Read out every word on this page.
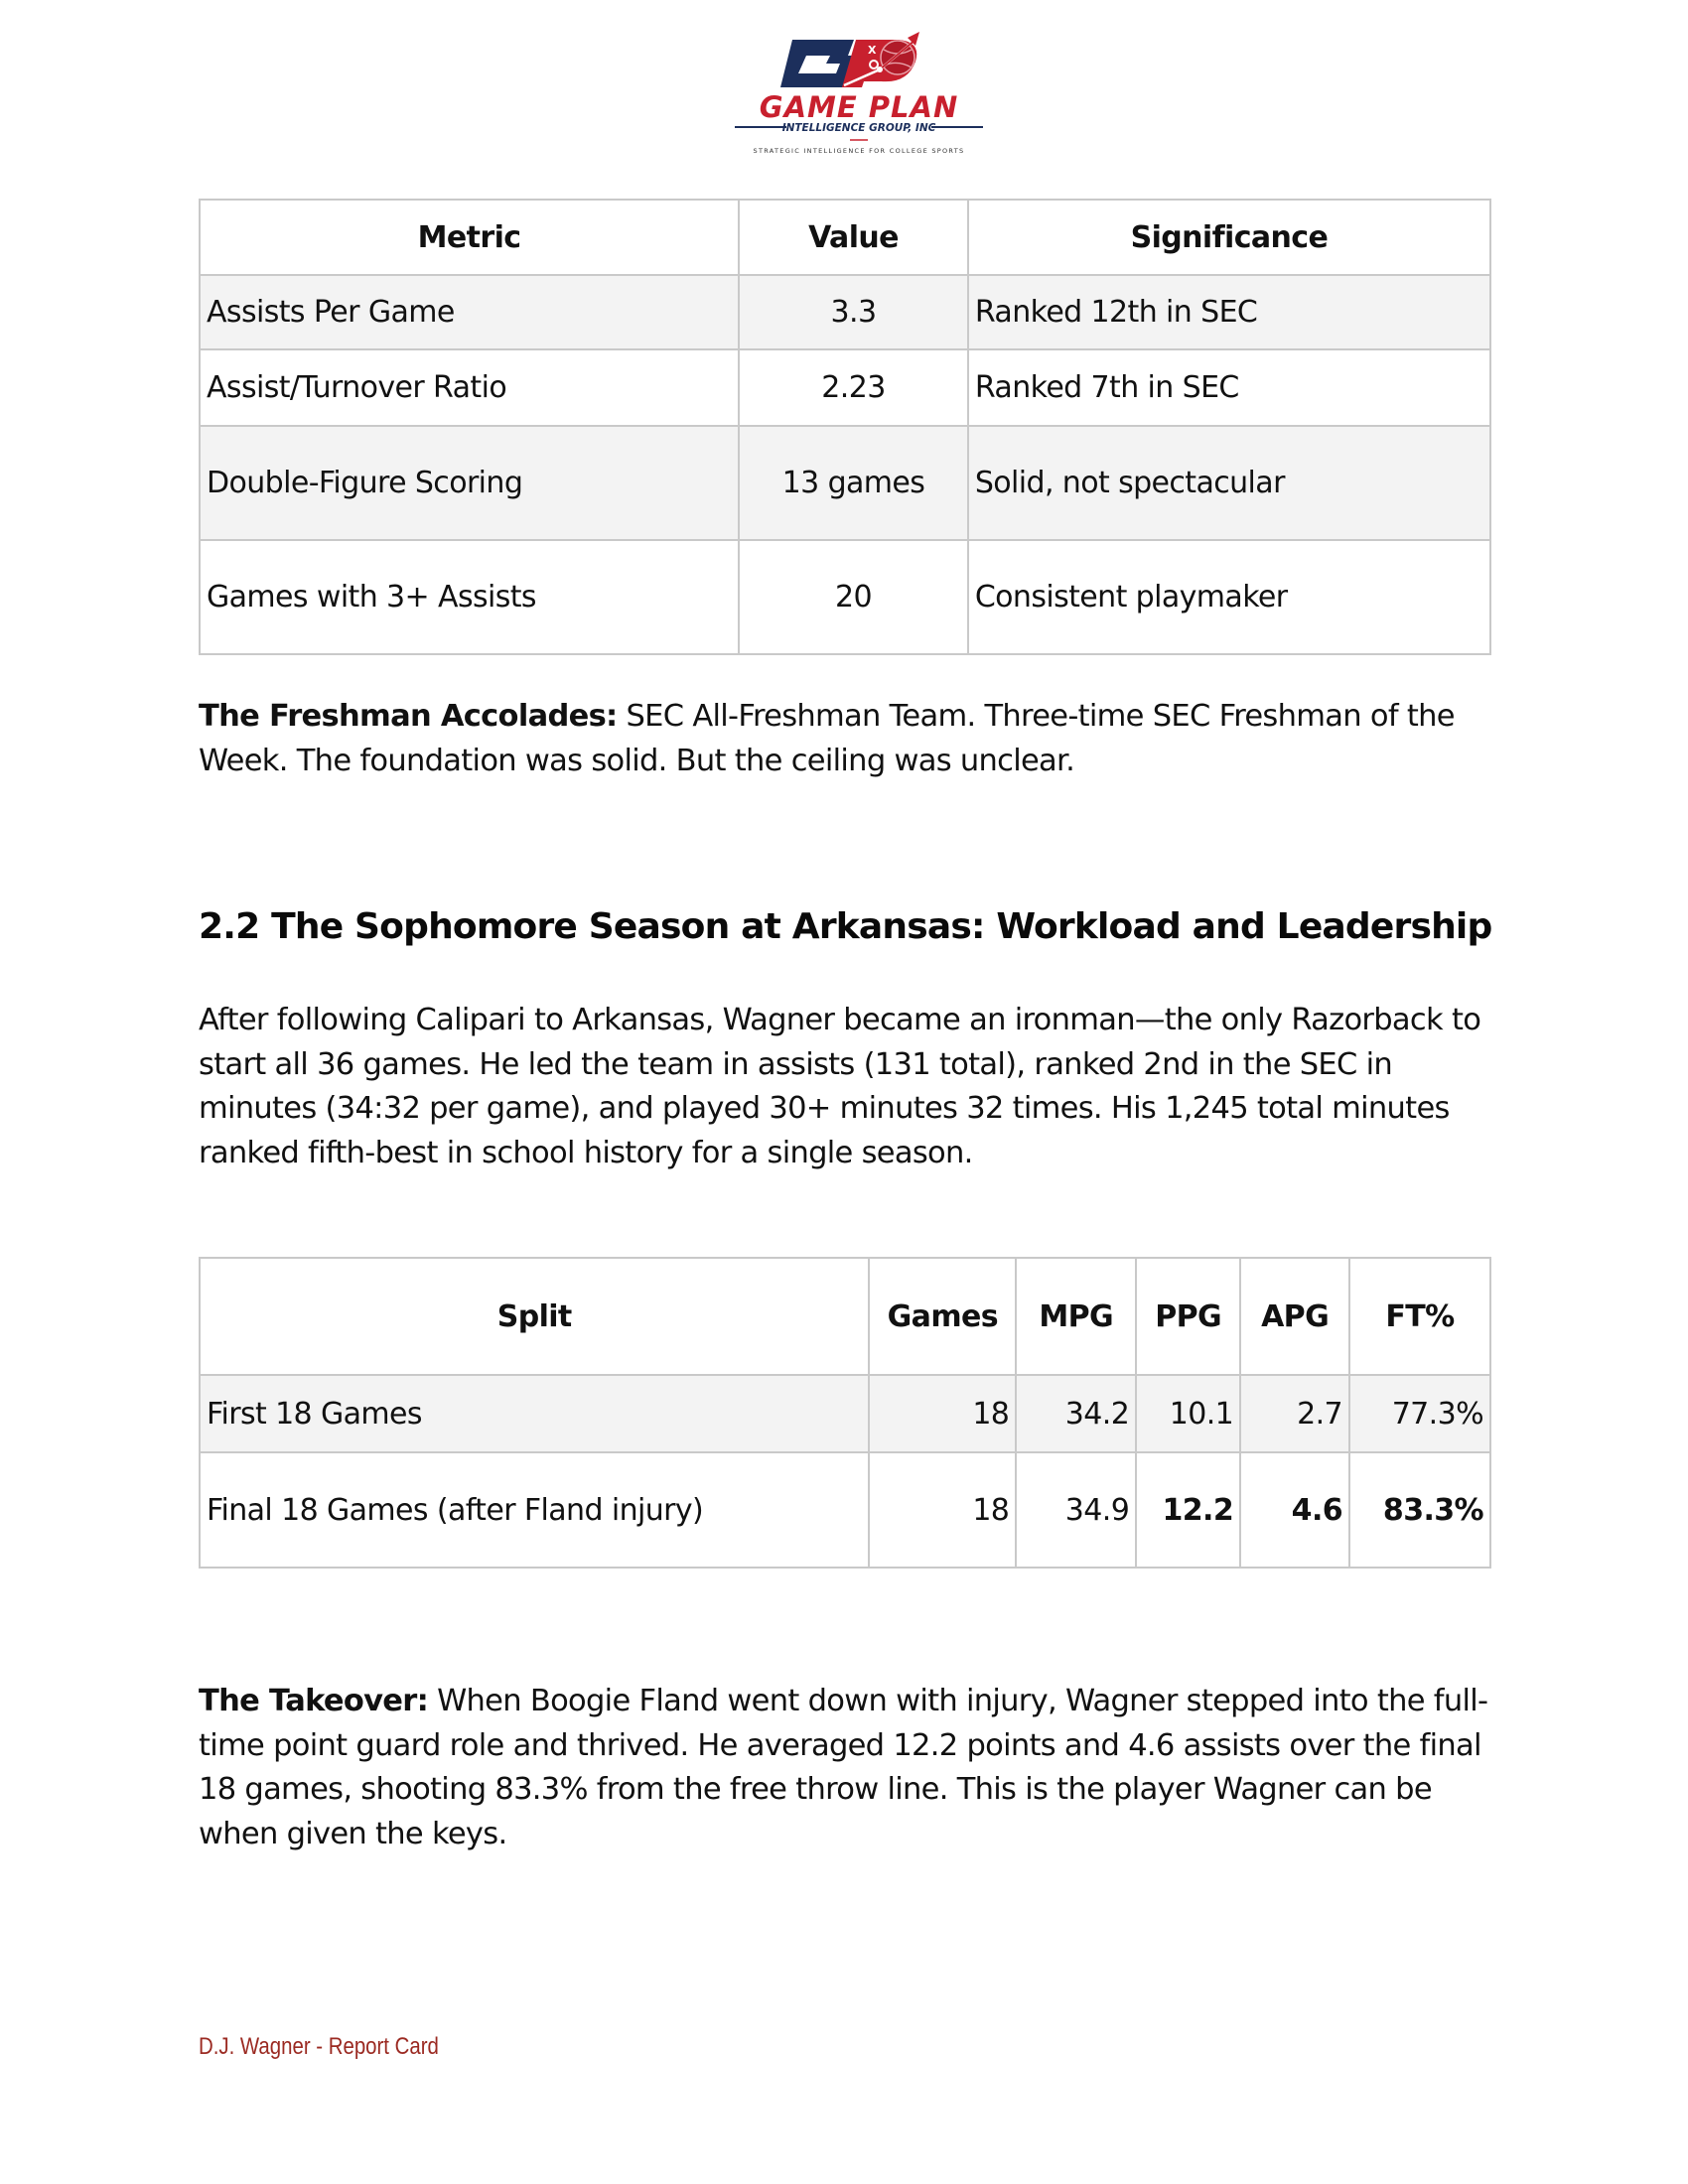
X
GAME PLAN
INTELLIGENCE GROUP, INC
STRATEGIC INTELLIGENCE FOR COLLEGE SPORTS
Metric	Value	Significance
Assists Per Game	3.3	Ranked 12th in SEC
Assist/Turnover Ratio	2.23	Ranked 7th in SEC
Double-Figure Scoring	13 games	Solid, not spectacular
Games with 3+ Assists	20	Consistent playmaker

The Freshman Accolades: SEC All-Freshman Team. Three-time SEC Freshman of the Week. The foundation was solid. But the ceiling was unclear.

2.2 The Sophomore Season at Arkansas: Workload and Leadership

After following Calipari to Arkansas, Wagner became an ironman—the only Razorback to start all 36 games. He led the team in assists (131 total), ranked 2nd in the SEC in minutes (34:32 per game), and played 30+ minutes 32 times. His 1,245 total minutes ranked fifth-best in school history for a single season.

Split	Games	MPG	PPG	APG	FT%
First 18 Games	18	34.2	10.1	2.7	77.3%
Final 18 Games (after Fland injury)	18	34.9	12.2	4.6	83.3%

The Takeover: When Boogie Fland went down with injury, Wagner stepped into the full-time point guard role and thrived. He averaged 12.2 points and 4.6 assists over the final 18 games, shooting 83.3% from the free throw line. This is the player Wagner can be when given the keys.

D.J. Wagner - Report Card
